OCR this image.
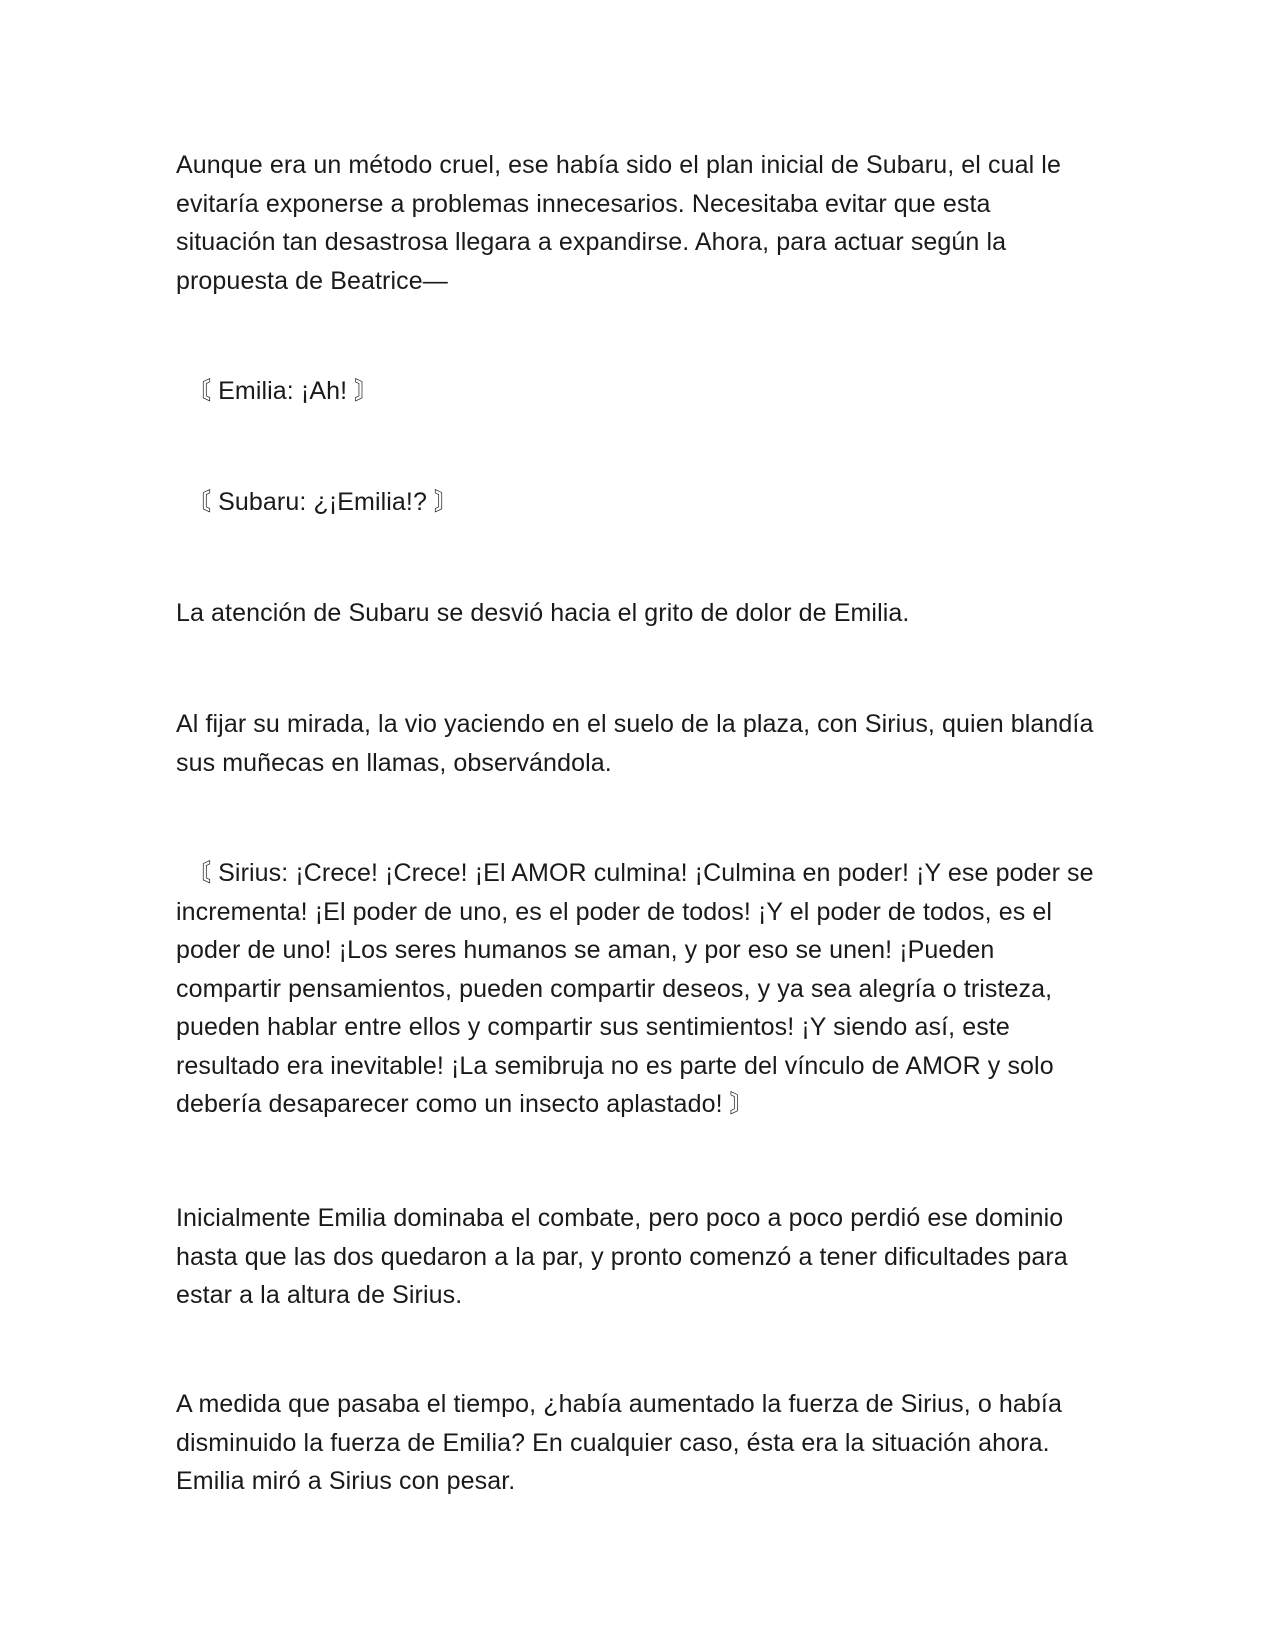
Aunque era un método cruel, ese había sido el plan inicial de Subaru, el cual le evitaría exponerse a problemas innecesarios. Necesitaba evitar que esta situación tan desastrosa llegara a expandirse. Ahora, para actuar según la propuesta de Beatrice—

〘 Emilia: ¡Ah! 〙

〘 Subaru: ¿¡Emilia!? 〙

La atención de Subaru se desvió hacia el grito de dolor de Emilia.

Al fijar su mirada, la vio yaciendo en el suelo de la plaza, con Sirius, quien blandía sus muñecas en llamas, observándola.

〘 Sirius: ¡Crece! ¡Crece! ¡El AMOR culmina! ¡Culmina en poder! ¡Y ese poder se incrementa! ¡El poder de uno, es el poder de todos! ¡Y el poder de todos, es el poder de uno! ¡Los seres humanos se aman, y por eso se unen! ¡Pueden compartir pensamientos, pueden compartir deseos, y ya sea alegría o tristeza, pueden hablar entre ellos y compartir sus sentimientos! ¡Y siendo así, este resultado era inevitable! ¡La semibruja no es parte del vínculo de AMOR y solo debería desaparecer como un insecto aplastado! 〙

Inicialmente Emilia dominaba el combate, pero poco a poco perdió ese dominio hasta que las dos quedaron a la par, y pronto comenzó a tener dificultades para estar a la altura de Sirius.

A medida que pasaba el tiempo, ¿había aumentado la fuerza de Sirius, o había disminuido la fuerza de Emilia? En cualquier caso, ésta era la situación ahora. Emilia miró a Sirius con pesar.
